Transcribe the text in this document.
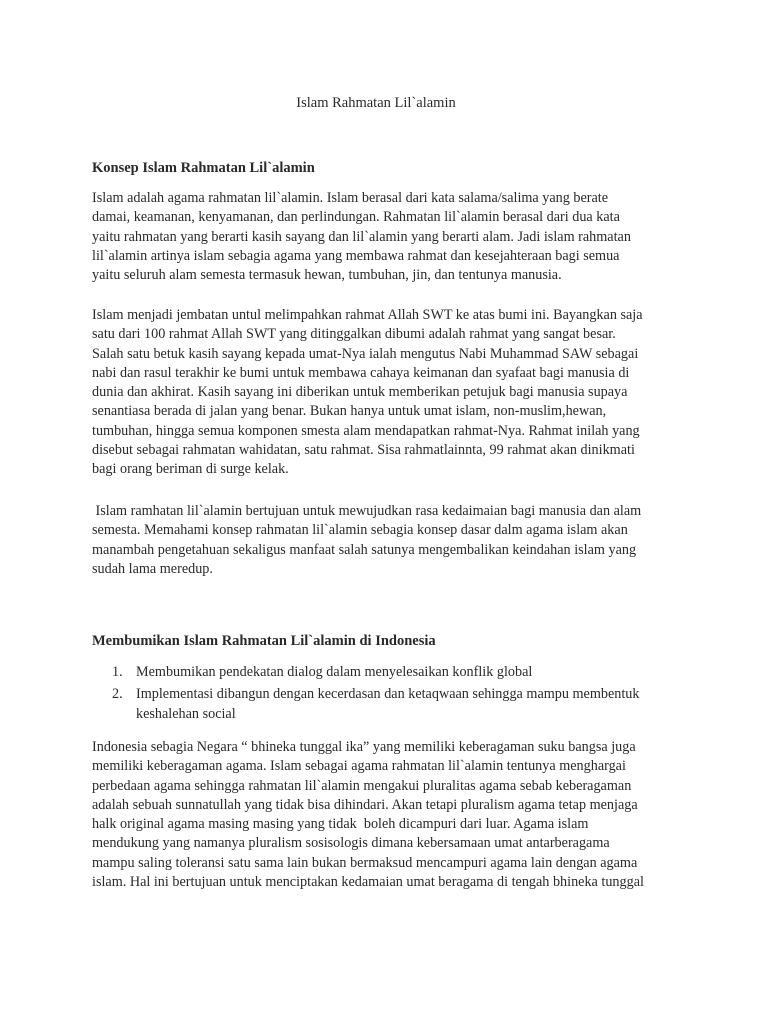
Islam Rahmatan Lil`alamin
Konsep Islam Rahmatan Lil`alamin
Islam adalah agama rahmatan lil`alamin. Islam berasal dari kata salama/salima yang berate
damai, keamanan, kenyamanan, dan perlindungan. Rahmatan lil`alamin berasal dari dua kata
yaitu rahmatan yang berarti kasih sayang dan lil`alamin yang berarti alam. Jadi islam rahmatan
lil`alamin artinya islam sebagia agama yang membawa rahmat dan kesejahteraan bagi semua
yaitu seluruh alam semesta termasuk hewan, tumbuhan, jin, dan tentunya manusia.
Islam menjadi jembatan untul melimpahkan rahmat Allah SWT ke atas bumi ini. Bayangkan saja
satu dari 100 rahmat Allah SWT yang ditinggalkan dibumi adalah rahmat yang sangat besar.
Salah satu betuk kasih sayang kepada umat-Nya ialah mengutus Nabi Muhammad SAW sebagai
nabi dan rasul terakhir ke bumi untuk membawa cahaya keimanan dan syafaat bagi manusia di
dunia dan akhirat. Kasih sayang ini diberikan untuk memberikan petujuk bagi manusia supaya
senantiasa berada di jalan yang benar. Bukan hanya untuk umat islam, non-muslim,hewan,
tumbuhan, hingga semua komponen smesta alam mendapatkan rahmat-Nya. Rahmat inilah yang
disebut sebagai rahmatan wahidatan, satu rahmat. Sisa rahmatlainnta, 99 rahmat akan dinikmati
bagi orang beriman di surge kelak.
Islam ramhatan lil`alamin bertujuan untuk mewujudkan rasa kedaimaian bagi manusia dan alam
semesta. Memahami konsep rahmatan lil`alamin sebagia konsep dasar dalm agama islam akan
manambah pengetahuan sekaligus manfaat salah satunya mengembalikan keindahan islam yang
sudah lama meredup.
Membumikan Islam Rahmatan Lil`alamin di Indonesia
1. Membumikan pendekatan dialog dalam menyelesaikan konflik global
2. Implementasi dibangun dengan kecerdasan dan ketaqwaan sehingga mampu membentuk
keshalehan social
Indonesia sebagia Negara “ bhineka tunggal ika” yang memiliki keberagaman suku bangsa juga
memiliki keberagaman agama. Islam sebagai agama rahmatan lil`alamin tentunya menghargai
perbedaan agama sehingga rahmatan lil`alamin mengakui pluralitas agama sebab keberagaman
adalah sebuah sunnatullah yang tidak bisa dihindari. Akan tetapi pluralism agama tetap menjaga
halk original agama masing masing yang tidak  boleh dicampuri dari luar. Agama islam
mendukung yang namanya pluralism sosisologis dimana kebersamaan umat antarberagama
mampu saling toleransi satu sama lain bukan bermaksud mencampuri agama lain dengan agama
islam. Hal ini bertujuan untuk menciptakan kedamaian umat beragama di tengah bhineka tunggal
